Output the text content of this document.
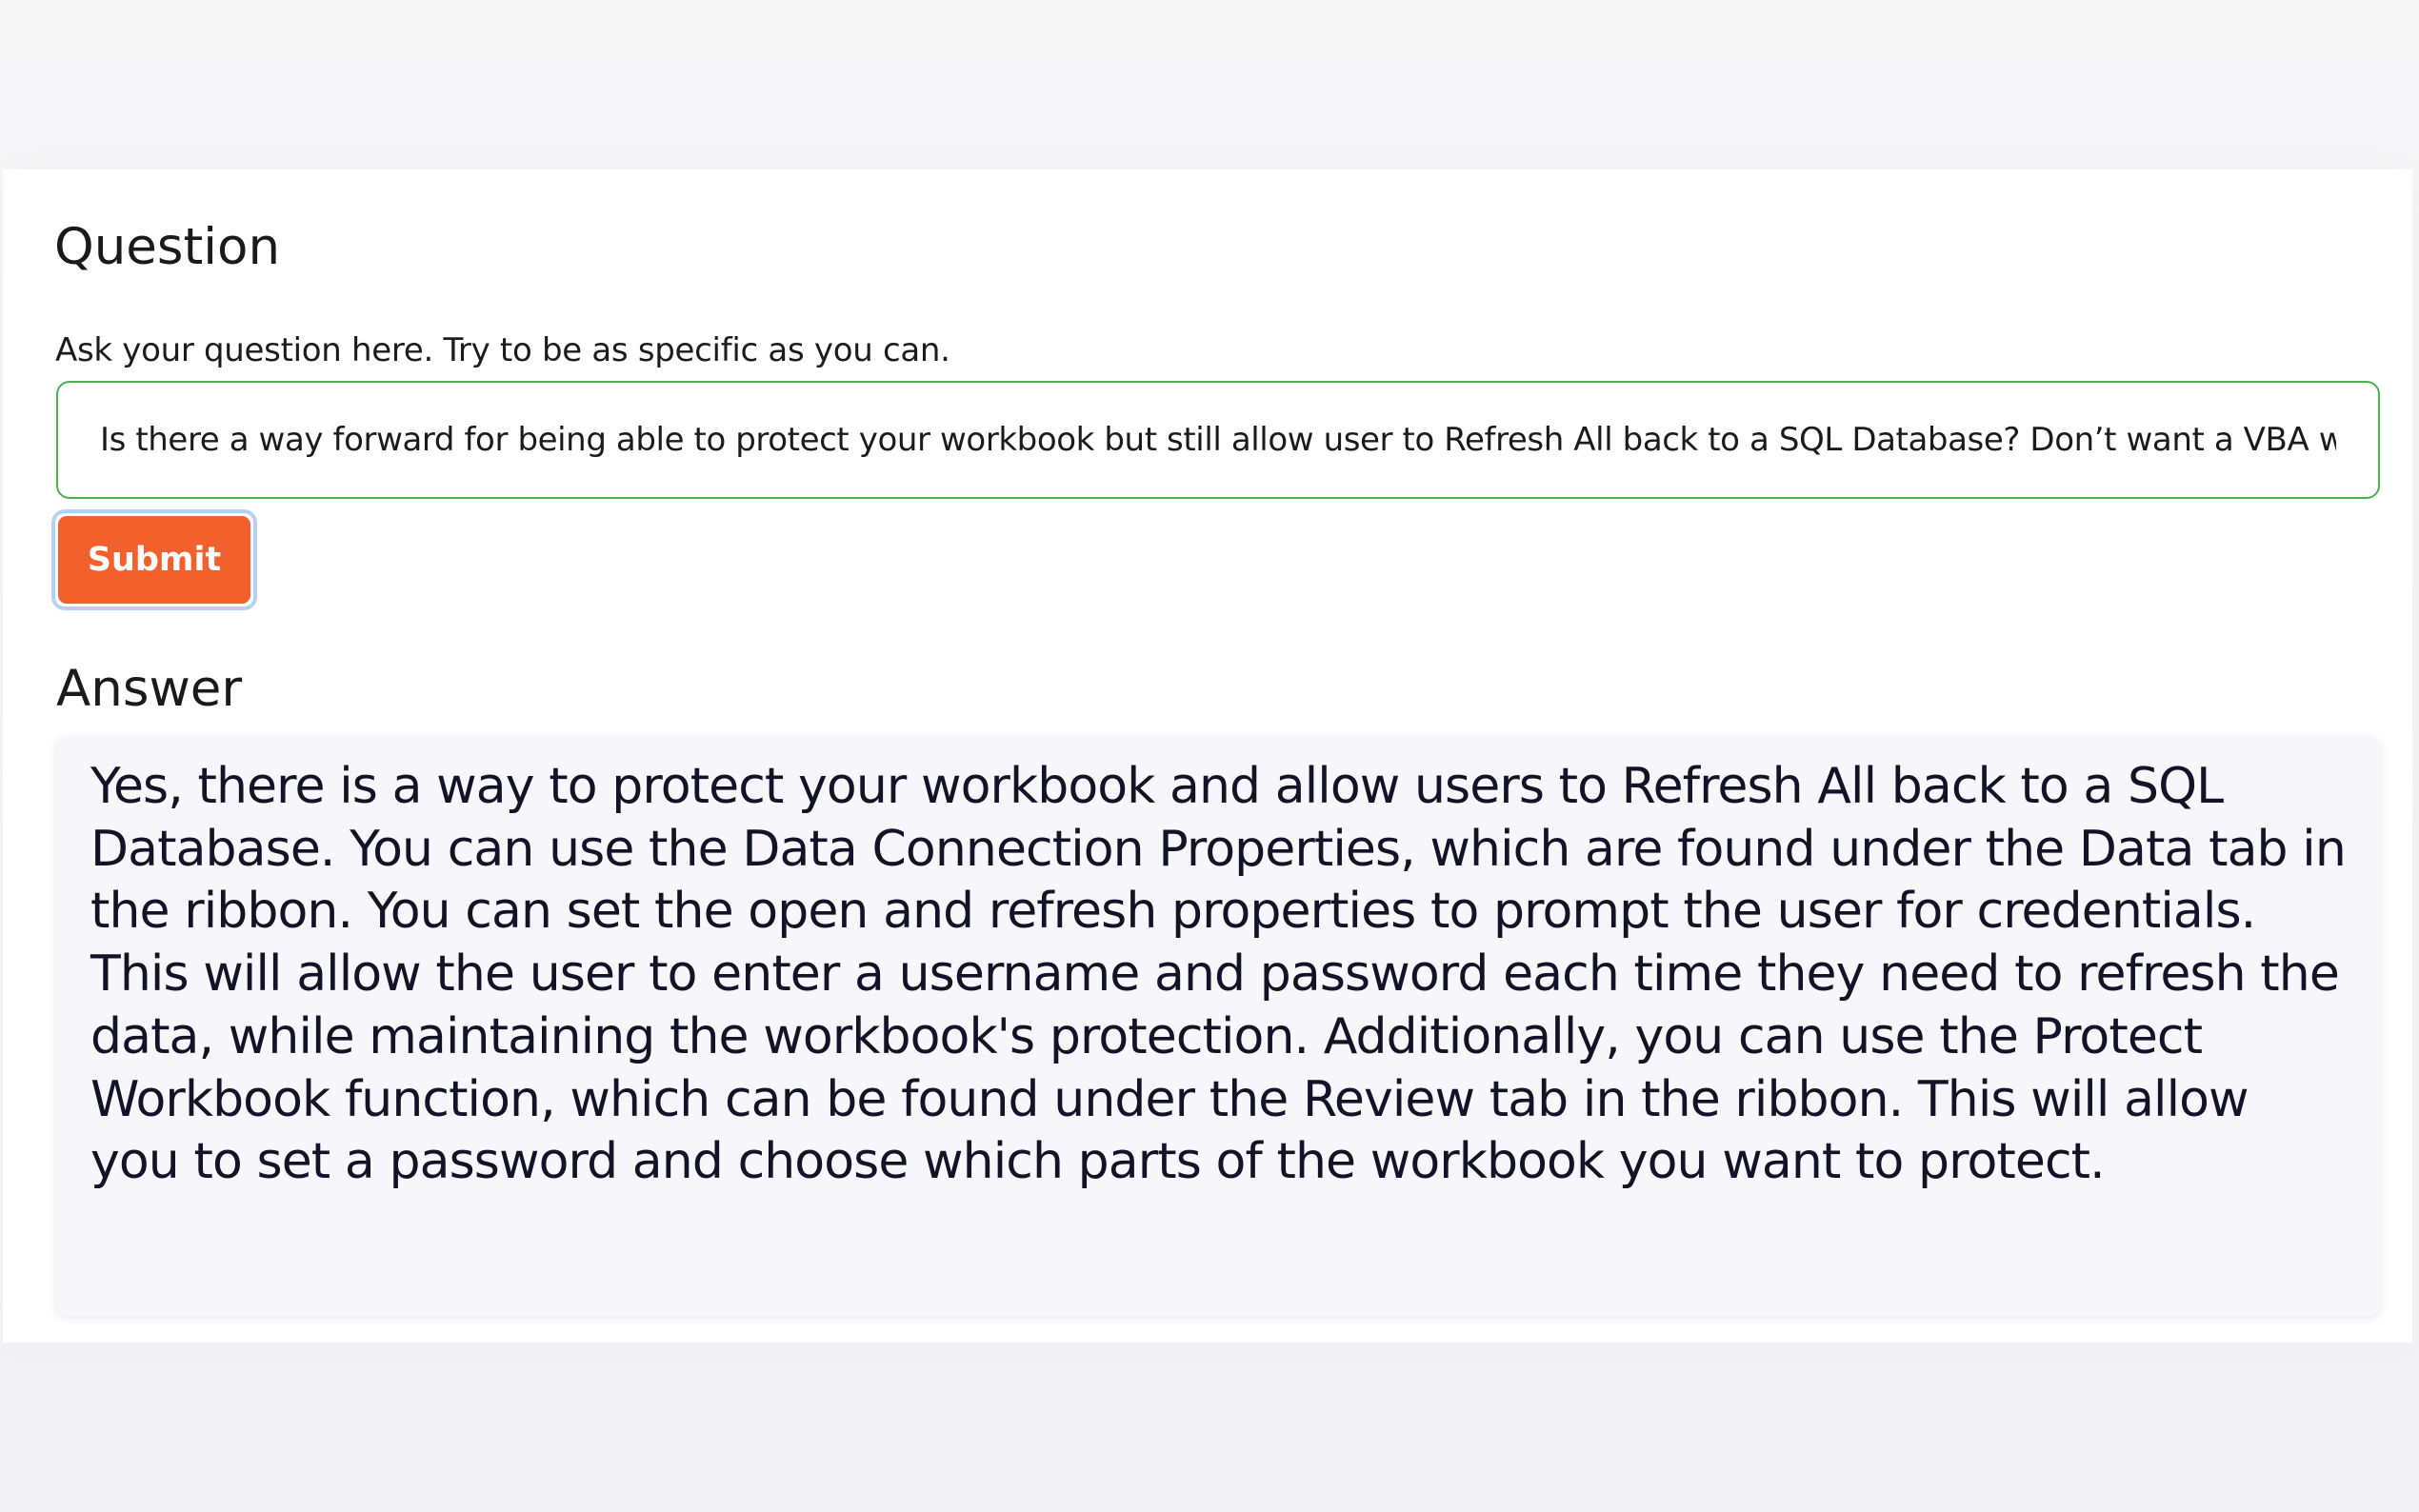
Question
Ask your question here. Try to be as specific as you can.
Is there a way forward for being able to protect your workbook but still allow user to Refresh All back to a SQL Database? Don’t want a VBA wo
Submit
Answer

Yes, there is a way to protect your workbook and allow users to Refresh All back to a SQL Database. You can use the Data Connection Properties, which are found under the Data tab in the ribbon. You can set the open and refresh properties to prompt the user for credentials. This will allow the user to enter a username and password each time they need to refresh the data, while maintaining the workbook's protection. Additionally, you can use the Protect Workbook function, which can be found under the Review tab in the ribbon. This will allow you to set a password and choose which parts of the workbook you want to protect.
